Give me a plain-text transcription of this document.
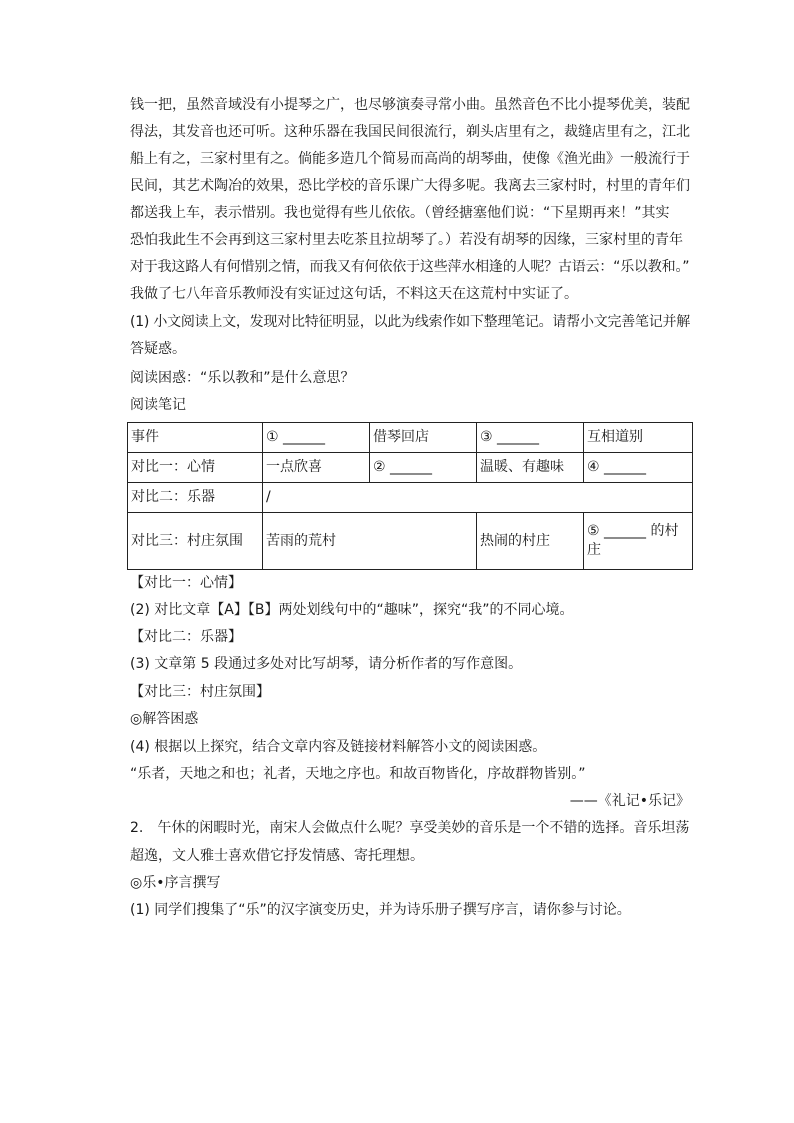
钱一把，虽然音域没有小提琴之广，也尽够演奏寻常小曲。虽然音色不比小提琴优美，装配
得法，其发音也还可听。这种乐器在我国民间很流行，剃头店里有之，裁缝店里有之，江北
船上有之，三家村里有之。倘能多造几个简易而高尚的胡琴曲，使像《渔光曲》一般流行于
民间，其艺术陶冶的效果，恐比学校的音乐课广大得多呢。我离去三家村时，村里的青年们
都送我上车，表示惜别。我也觉得有些儿依依。（曾经搪塞他们说：“下星期再来！”其实
恐怕我此生不会再到这三家村里去吃茶且拉胡琴了。）若没有胡琴的因缘，三家村里的青年
对于我这路人有何惜别之情，而我又有何依依于这些萍水相逢的人呢？古语云：“乐以教和。”
我做了七八年音乐教师没有实证过这句话，不料这天在这荒村中实证了。
(1) 小文阅读上文，发现对比特征明显，以此为线索作如下整理笔记。请帮小文完善笔记并解
答疑惑。
阅读困惑：“乐以教和”是什么意思？
阅读笔记
事件	① ______	借琴回店	③ ______	互相道别
对比一：心情	一点欣喜	② ______	温暖、有趣味	④ ______
对比二：乐器	/			
对比三：村庄氛围	苦雨的荒村		热闹的村庄	⑤ ______ 的村庄
【对比一：心情】
(2) 对比文章【A】【B】两处划线句中的“趣味”，探究“我”的不同心境。
【对比二：乐器】
(3) 文章第 5 段通过多处对比写胡琴，请分析作者的写作意图。
【对比三：村庄氛围】
◎解答困惑
(4) 根据以上探究，结合文章内容及链接材料解答小文的阅读困惑。
“乐者，天地之和也；礼者，天地之序也。和故百物皆化，序故群物皆别。”
——《礼记•乐记》
2.　午休的闲暇时光，南宋人会做点什么呢？享受美妙的音乐是一个不错的选择。音乐坦荡
超逸，文人雅士喜欢借它抒发情感、寄托理想。
◎乐•序言撰写
(1) 同学们搜集了“乐”的汉字演变历史，并为诗乐册子撰写序言，请你参与讨论。
